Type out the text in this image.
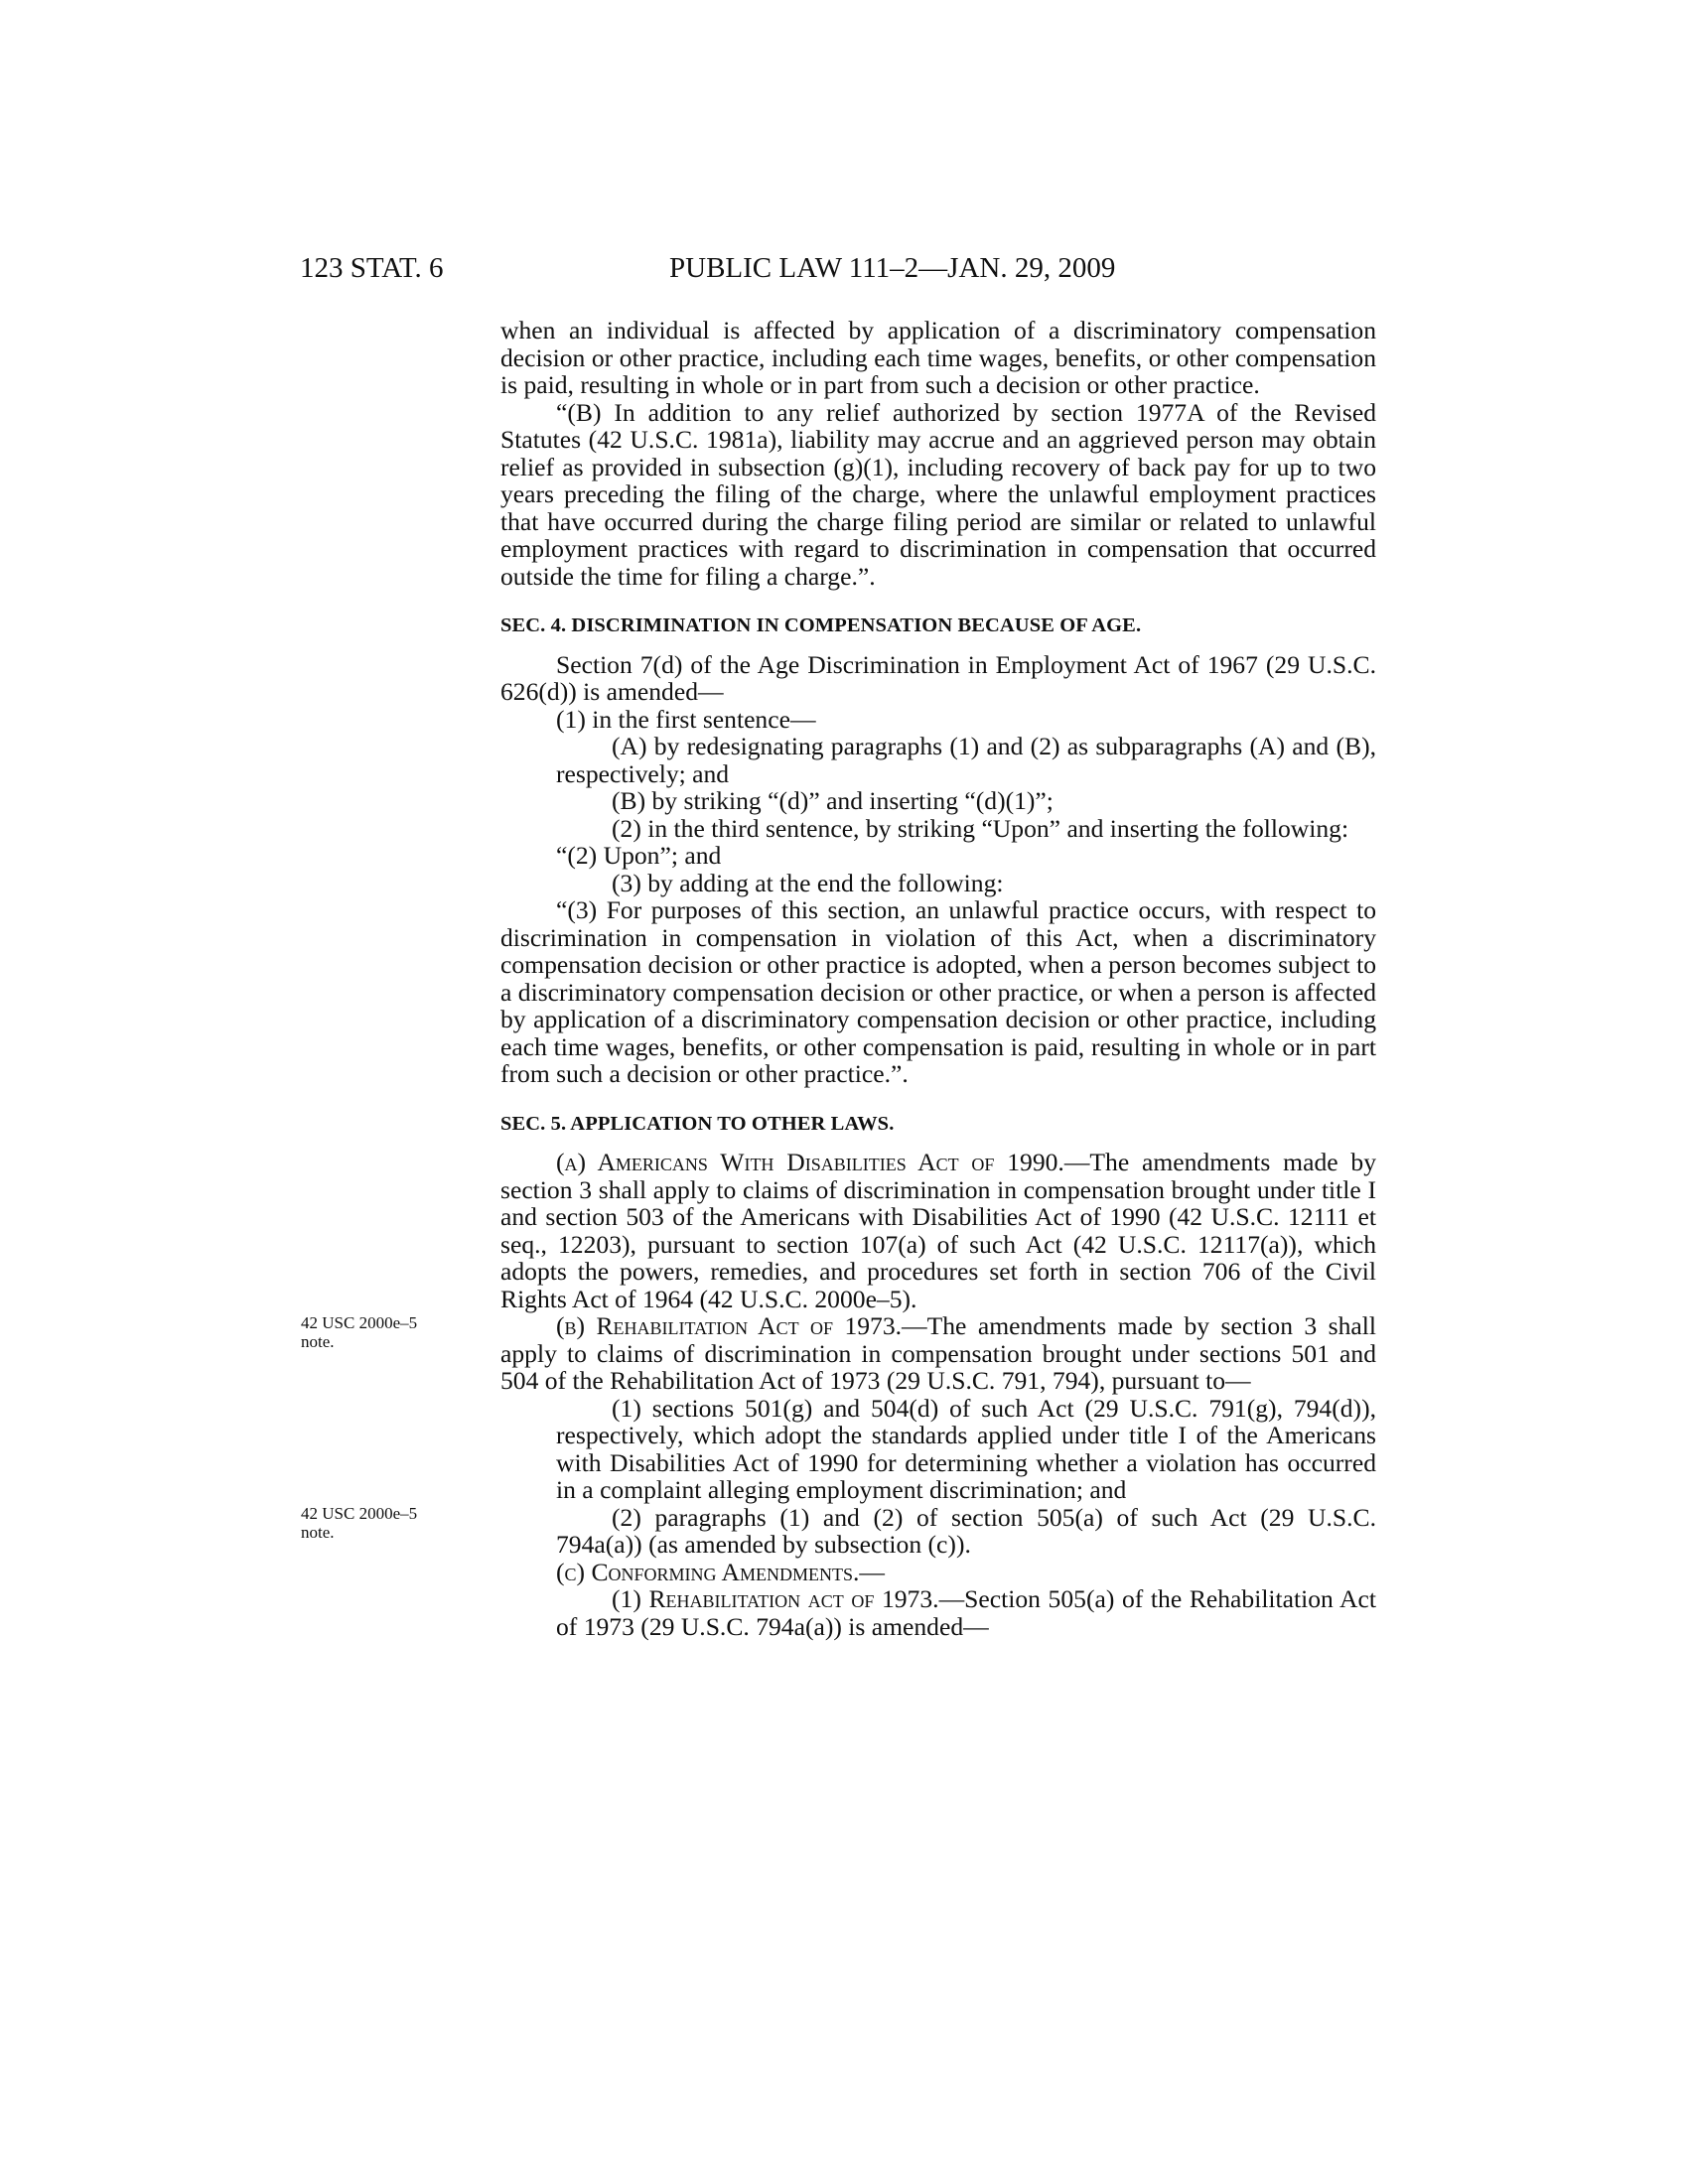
123 STAT. 6	PUBLIC LAW 111–2—JAN. 29, 2009
42 USC 2000e–5
note.
42 USC 2000e–5
note.

when an individual is affected by application of a discriminatory compensation decision or other practice, including each time wages, benefits, or other compensation is paid, resulting in whole or in part from such a decision or other practice.

“(B) In addition to any relief authorized by section 1977A of the Revised Statutes (42 U.S.C. 1981a), liability may accrue and an aggrieved person may obtain relief as provided in subsection (g)(1), including recovery of back pay for up to two years preceding the filing of the charge, where the unlawful employment practices that have occurred during the charge filing period are similar or related to unlawful employment practices with regard to discrimination in compensation that occurred outside the time for filing a charge.”.

SEC. 4. DISCRIMINATION IN COMPENSATION BECAUSE OF AGE.

Section 7(d) of the Age Discrimination in Employment Act of 1967 (29 U.S.C. 626(d)) is amended—

(1) in the first sentence—

(A) by redesignating paragraphs (1) and (2) as subparagraphs (A) and (B), respectively; and

(B) by striking “(d)” and inserting “(d)(1)”;

(2) in the third sentence, by striking “Upon” and inserting the following:

“(2) Upon”; and

(3) by adding at the end the following:

“(3) For purposes of this section, an unlawful practice occurs, with respect to discrimination in compensation in violation of this Act, when a discriminatory compensation decision or other practice is adopted, when a person becomes subject to a discriminatory compensation decision or other practice, or when a person is affected by application of a discriminatory compensation decision or other practice, including each time wages, benefits, or other compensation is paid, resulting in whole or in part from such a decision or other practice.”.

SEC. 5. APPLICATION TO OTHER LAWS.

(a) Americans With Disabilities Act of 1990.—The amendments made by section 3 shall apply to claims of discrimination in compensation brought under title I and section 503 of the Americans with Disabilities Act of 1990 (42 U.S.C. 12111 et seq., 12203), pursuant to section 107(a) of such Act (42 U.S.C. 12117(a)), which adopts the powers, remedies, and procedures set forth in section 706 of the Civil Rights Act of 1964 (42 U.S.C. 2000e–5).

(b) Rehabilitation Act of 1973.—The amendments made by section 3 shall apply to claims of discrimination in compensation brought under sections 501 and 504 of the Rehabilitation Act of 1973 (29 U.S.C. 791, 794), pursuant to—

(1) sections 501(g) and 504(d) of such Act (29 U.S.C. 791(g), 794(d)), respectively, which adopt the standards applied under title I of the Americans with Disabilities Act of 1990 for determining whether a violation has occurred in a complaint alleging employment discrimination; and

(2) paragraphs (1) and (2) of section 505(a) of such Act (29 U.S.C. 794a(a)) (as amended by subsection (c)).

(c) Conforming Amendments.—

(1) Rehabilitation act of 1973.—Section 505(a) of the Rehabilitation Act of 1973 (29 U.S.C. 794a(a)) is amended—
